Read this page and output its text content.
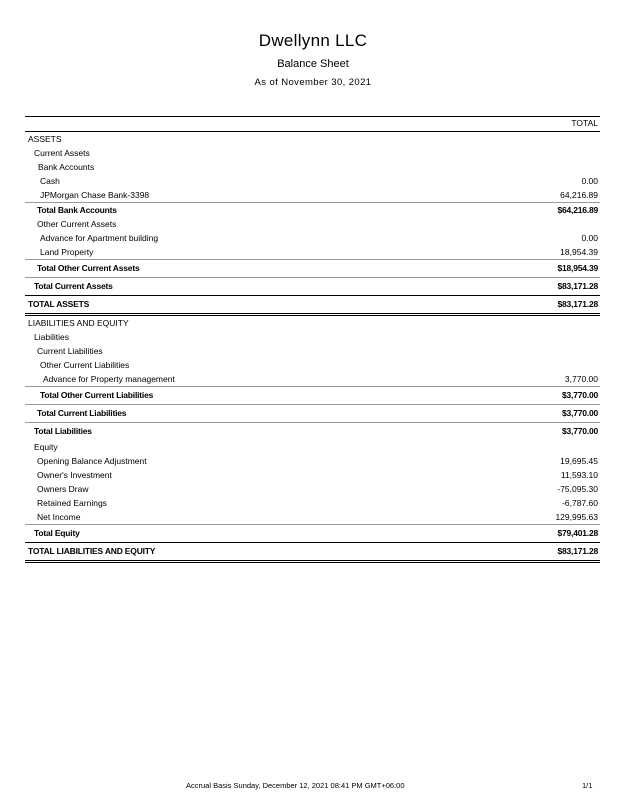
Dwellynn LLC
Balance Sheet
As of November 30, 2021
TOTAL
ASSETS
Current Assets
Bank Accounts
Cash	0.00
JPMorgan Chase Bank-3398	64,216.89
Total Bank Accounts	$64,216.89
Other Current Assets
Advance for Apartment building	0.00
Land Property	18,954.39
Total Other Current Assets	$18,954.39
Total Current Assets	$83,171.28
TOTAL ASSETS	$83,171.28
LIABILITIES AND EQUITY
Liabilities
Current Liabilities
Other Current Liabilities
Advance for Property management	3,770.00
Total Other Current Liabilities	$3,770.00
Total Current Liabilities	$3,770.00
Total Liabilities	$3,770.00
Equity
Opening Balance Adjustment	19,695.45
Owner's Investment	11,593.10
Owners Draw	-75,095.30
Retained Earnings	-6,787.60
Net Income	129,995.63
Total Equity	$79,401.28
TOTAL LIABILITIES AND EQUITY	$83,171.28
Accrual Basis Sunday, December 12, 2021 08:41 PM GMT+06:00	1/1
